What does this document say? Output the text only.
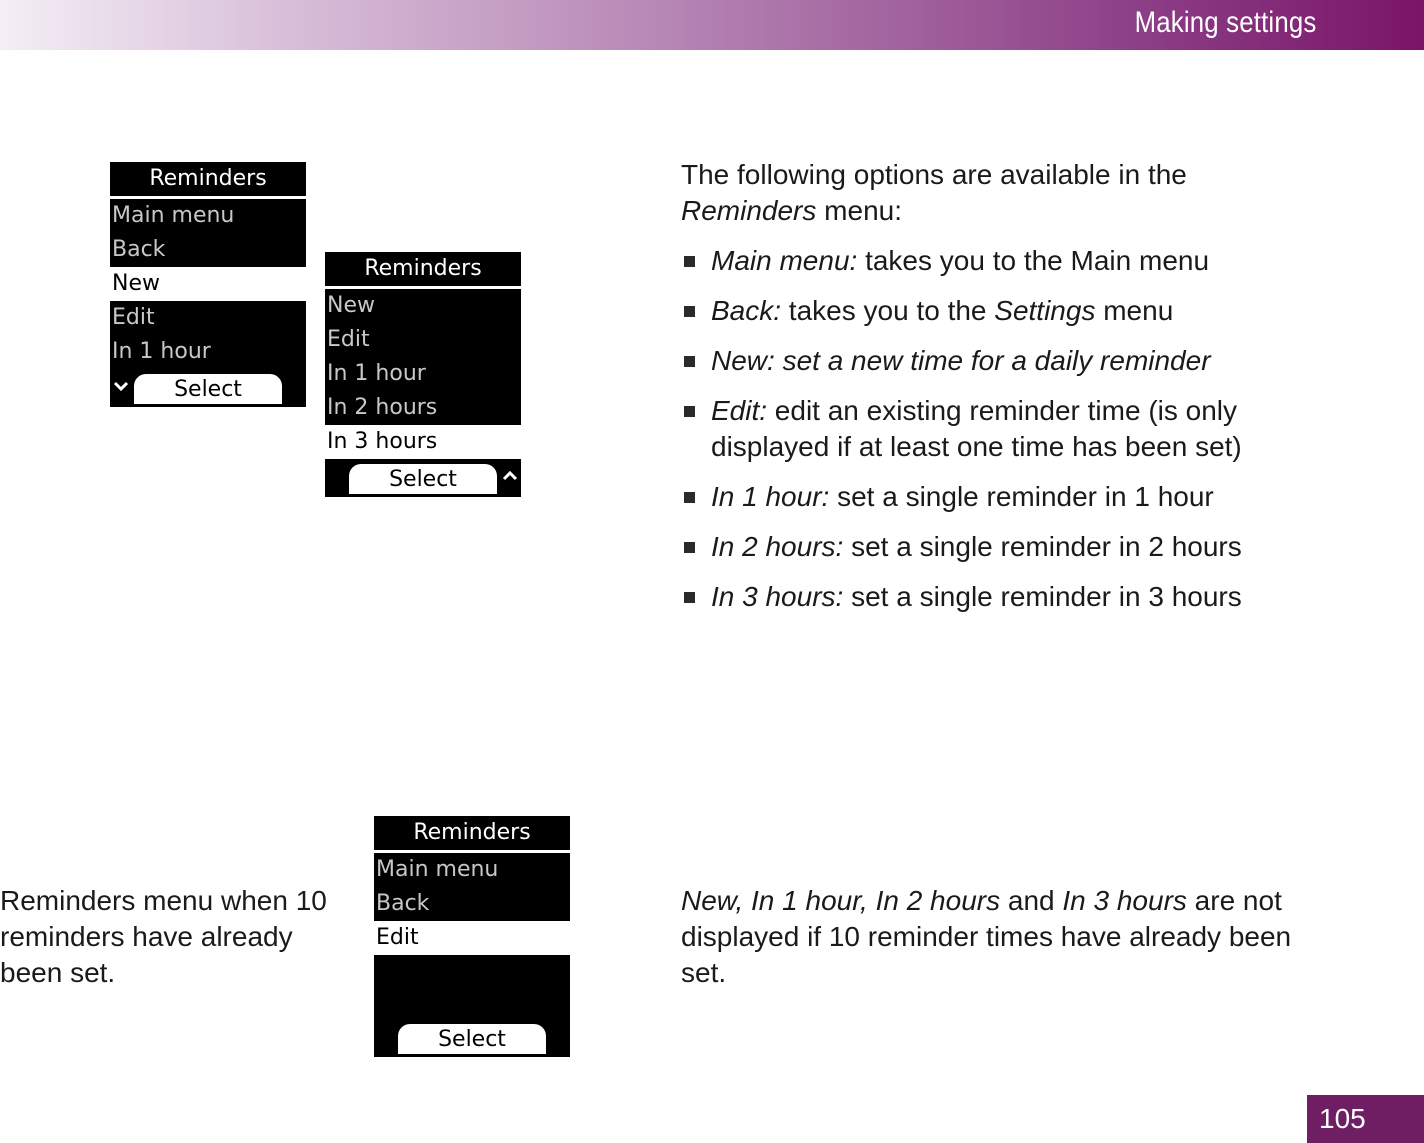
Making settings
Reminders
Main menu
Back
New
Edit
In 1 hour
Select
Reminders
New
Edit
In 1 hour
In 2 hours
In 3 hours
Select
Reminders
Main menu
Back
Edit
Select
The following options are available in the Reminders menu:
Main menu: takes you to the Main menu
Back: takes you to the Settings menu
New: set a new time for a daily reminder
Edit: edit an existing reminder time (is only displayed if at least one time has been set)
In 1 hour: set a single reminder in 1 hour
In 2 hours: set a single reminder in 2 hours
In 3 hours: set a single reminder in 3 hours
Reminders menu when 10 reminders have already been set.
New, In 1 hour, In 2 hours and In 3 hours are not displayed if 10 reminder times have already been set.
105
